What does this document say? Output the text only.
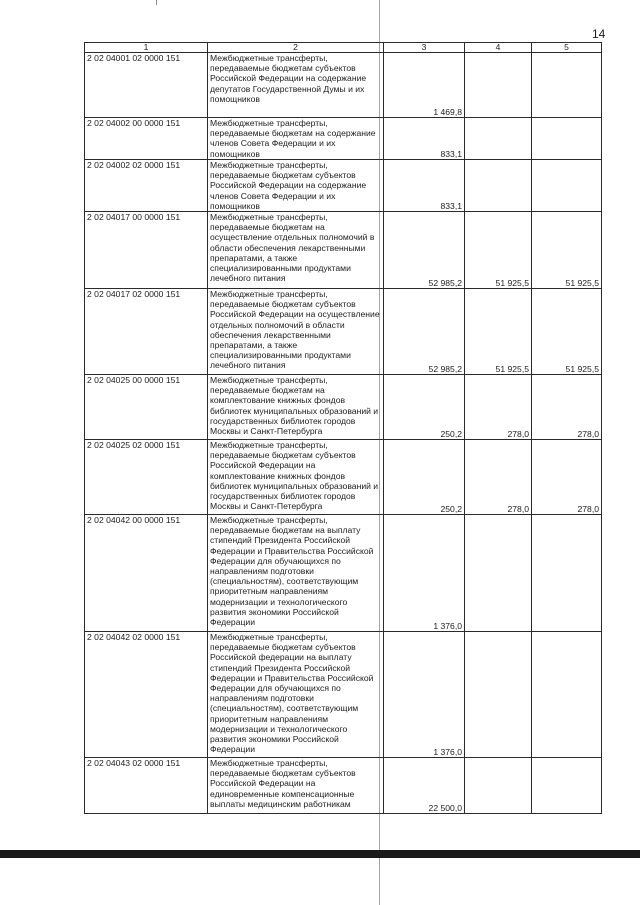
14
1	2	3	4	5
2 02 04001 02 0000 151	Межбюджетные трансферты, передаваемые бюджетам субъектов Российской Федерации на содержание депутатов Государственной Думы и их помощников	1 469,8		
2 02 04002 00 0000 151	Межбюджетные трансферты, передаваемые бюджетам на содержание членов Совета Федерации и их помощников	833,1		
2 02 04002 02 0000 151	Межбюджетные трансферты, передаваемые бюджетам субъектов Российской Федерации на содержание членов Совета Федерации и их помощников	833,1		
2 02 04017 00 0000 151	Межбюджетные трансферты, передаваемые бюджетам на осуществление отдельных полномочий в области обеспечения лекарственными препаратами, а также специализированными продуктами лечебного питания	52 985,2	51 925,5	51 925,5
2 02 04017 02 0000 151	Межбюджетные трансферты, передаваемые бюджетам субъектов Российской Федерации на осуществление отдельных полномочий в области обеспечения лекарственными препаратами, а также специализированными продуктами лечебного питания	52 985,2	51 925,5	51 925,5
2 02 04025 00 0000 151	Межбюджетные трансферты, передаваемые бюджетам на комплектование книжных фондов библиотек муниципальных образований и государственных библиотек городов Москвы и Санкт-Петербурга	250,2	278,0	278,0
2 02 04025 02 0000 151	Межбюджетные трансферты, передаваемые бюджетам субъектов Российской Федерации на комплектование книжных фондов библиотек муниципальных образований и государственных библиотек городов Москвы и Санкт-Петербурга	250,2	278,0	278,0
2 02 04042 00 0000 151	Межбюджетные трансферты, передаваемые бюджетам на выплату стипендий Президента Российской Федерации и Правительства Российской Федерации для обучающихся по направлениям подготовки (специальностям), соответствующим приоритетным направлениям модернизации и технологического развития экономики Российской Федерации	1 376,0		
2 02 04042 02 0000 151	Межбюджетные трансферты, передаваемые бюджетам субъектов Российской федерации на выплату стипендий Президента Российской Федерации и Правительства Российской Федерации для обучающихся по направлениям подготовки (специальностям), соответствующим приоритетным направлениям модернизации и технологического развития экономики Российской Федерации	1 376,0		
2 02 04043 02 0000 151	Межбюджетные трансферты, передаваемые бюджетам субъектов Российской Федерации на единовременные компенсационные выплаты медицинским работникам	22 500,0		
